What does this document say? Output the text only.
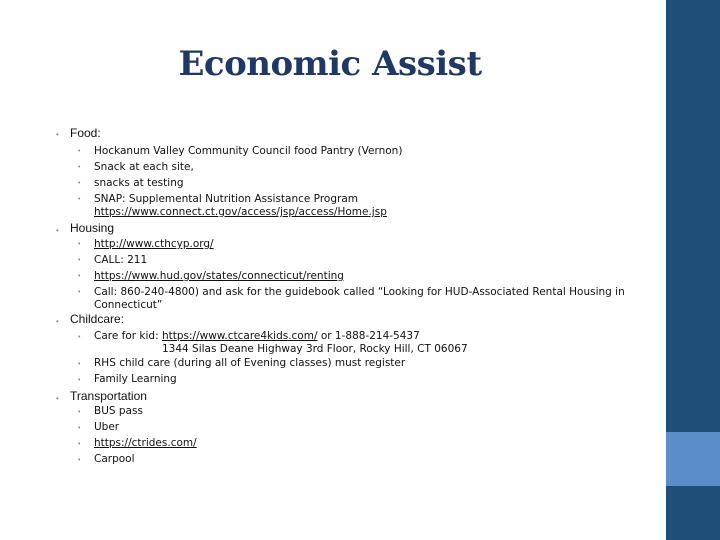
Economic Assist
• Food:
• Hockanum Valley Community Council food Pantry (Vernon)
• Snack at each site,
• snacks at testing
• SNAP: Supplemental Nutrition Assistance Program
https://www.connect.ct.gov/access/jsp/access/Home.jsp
• Housing
• http://www.cthcyp.org/
• CALL: 211
• https://www.hud.gov/states/connecticut/renting
• Call: 860-240-4800) and ask for the guidebook called “Looking for HUD-Associated Rental Housing in
Connecticut”
• Childcare:
• Care for kid: https://www.ctcare4kids.com/ or 1-888-214-5437
1344 Silas Deane Highway 3rd Floor, Rocky Hill, CT 06067
• RHS child care (during all of Evening classes) must register
• Family Learning
• Transportation
• BUS pass
• Uber
• https://ctrides.com/
• Carpool
